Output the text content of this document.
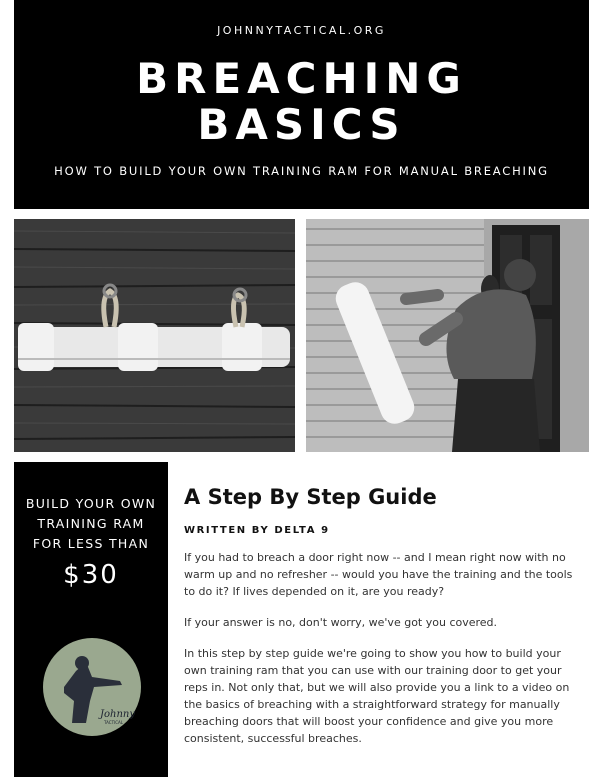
JOHNNYTACTICAL.ORG
BREACHING
BASICS
HOW TO BUILD YOUR OWN TRAINING RAM FOR MANUAL BREACHING
BUILD YOUR OWN
TRAINING RAM
FOR LESS THAN
$30
Johnny
TACTICAL
A Step By Step Guide
WRITTEN BY DELTA 9

If you had to breach a door right now -- and I mean right now with no warm up and no refresher -- would you have the training and the tools to do it? If lives depended on it, are you ready?

If your answer is no, don't worry, we've got you covered.

In this step by step guide we're going to show you how to build your own training ram that you can use with our training door to get your reps in. Not only that, but we will also provide you a link to a video on the basics of breaching with a straightforward strategy for manually breaching doors that will boost your confidence and give you more consistent, successful breaches.
